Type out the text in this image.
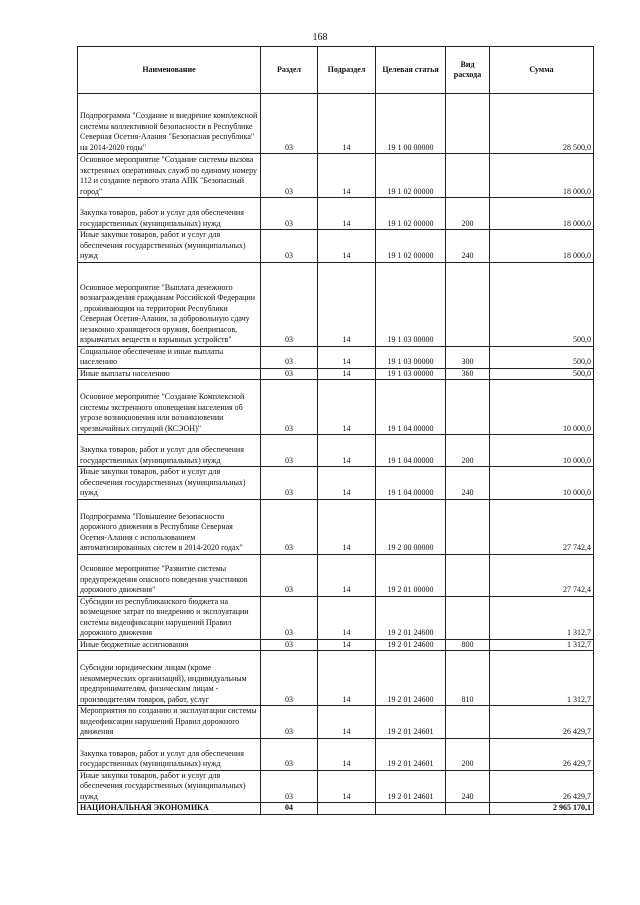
168
Наименование	Раздел	Подраздел	Целевая статья	Вид расхода	Сумма
Подпрограмма "Создание и внедрение комплексной системы коллективной безопасности в Республике Северная Осетия-Алания "Безопасная республика" на 2014-2020 годы"	03	14	19 1 00 00000		28 500,0
Основное мероприятие "Создание системы вызова экстренных оперативных служб по единому номеру 112 и создание первого этапа АПК "Безопасный город"	03	14	19 1 02 00000		18 000,0
Закупка товаров, работ и услуг для обеспечения государственных (муниципальных) нужд	03	14	19 1 02 00000	200	18 000,0
Иные закупки товаров, работ и услуг для обеспечения государственных (муниципальных) нужд	03	14	19 1 02 00000	240	18 000,0
Основное мероприятие "Выплата денежного вознаграждения гражданам Российской Федерации , проживающим на территории Республики Северная Осетия-Алания, за добровольную сдачу незаконно хранящегося оружия, боеприпасов, взрывчатых веществ и взрывных устройств"	03	14	19 1 03 00000		500,0
Социальное обеспечение и иные выплаты населению	03	14	19 1 03 00000	300	500,0
Иные выплаты населению	03	14	19 1 03 00000	360	500,0
Основное мероприятие "Создание Комплексной системы экстренного оповещения населения об угрозе возникновения или возникновении чрезвычайных ситуаций (КСЭОН)"	03	14	19 1 04 00000		10 000,0
Закупка товаров, работ и услуг для обеспечения государственных (муниципальных) нужд	03	14	19 1 04 00000	200	10 000,0
Иные закупки товаров, работ и услуг для обеспечения государственных (муниципальных) нужд	03	14	19 1 04 00000	240	10 000,0
Подпрограмма "Повышение безопасности дорожного движения в Республике Северная Осетия-Алания с использованием автоматизированных систем в 2014-2020 годах"	03	14	19 2 00 00000		27 742,4
Основное мероприятие "Развитие системы предупреждения опасного поведения участников дорожного движения"	03	14	19 2 01 00000		27 742,4
Субсидии из республиканского бюджета на возмещение затрат по внедрению и эксплуатации системы видеофиксации нарушений Правил дорожного движения	03	14	19 2 01 24600		1 312,7
Иные бюджетные ассигнования	03	14	19 2 01 24600	800	1 312,7
Субсидии юридическим лицам (кроме некоммерческих организаций), индивидуальным предпринимателям, физическим лицам - производителям товаров, работ, услуг	03	14	19 2 01 24600	810	1 312,7
Мероприятия по созданию и эксплуатации системы видеофиксации нарушений Правил дорожного движения	03	14	19 2 01 24601		26 429,7
Закупка товаров, работ и услуг для обеспечения государственных (муниципальных) нужд	03	14	19 2 01 24601	200	26 429,7
Иные закупки товаров, работ и услуг для обеспечения государственных (муниципальных) нужд	03	14	19 2 01 24601	240	26 429,7
НАЦИОНАЛЬНАЯ ЭКОНОМИКА	04				2 965 170,1
